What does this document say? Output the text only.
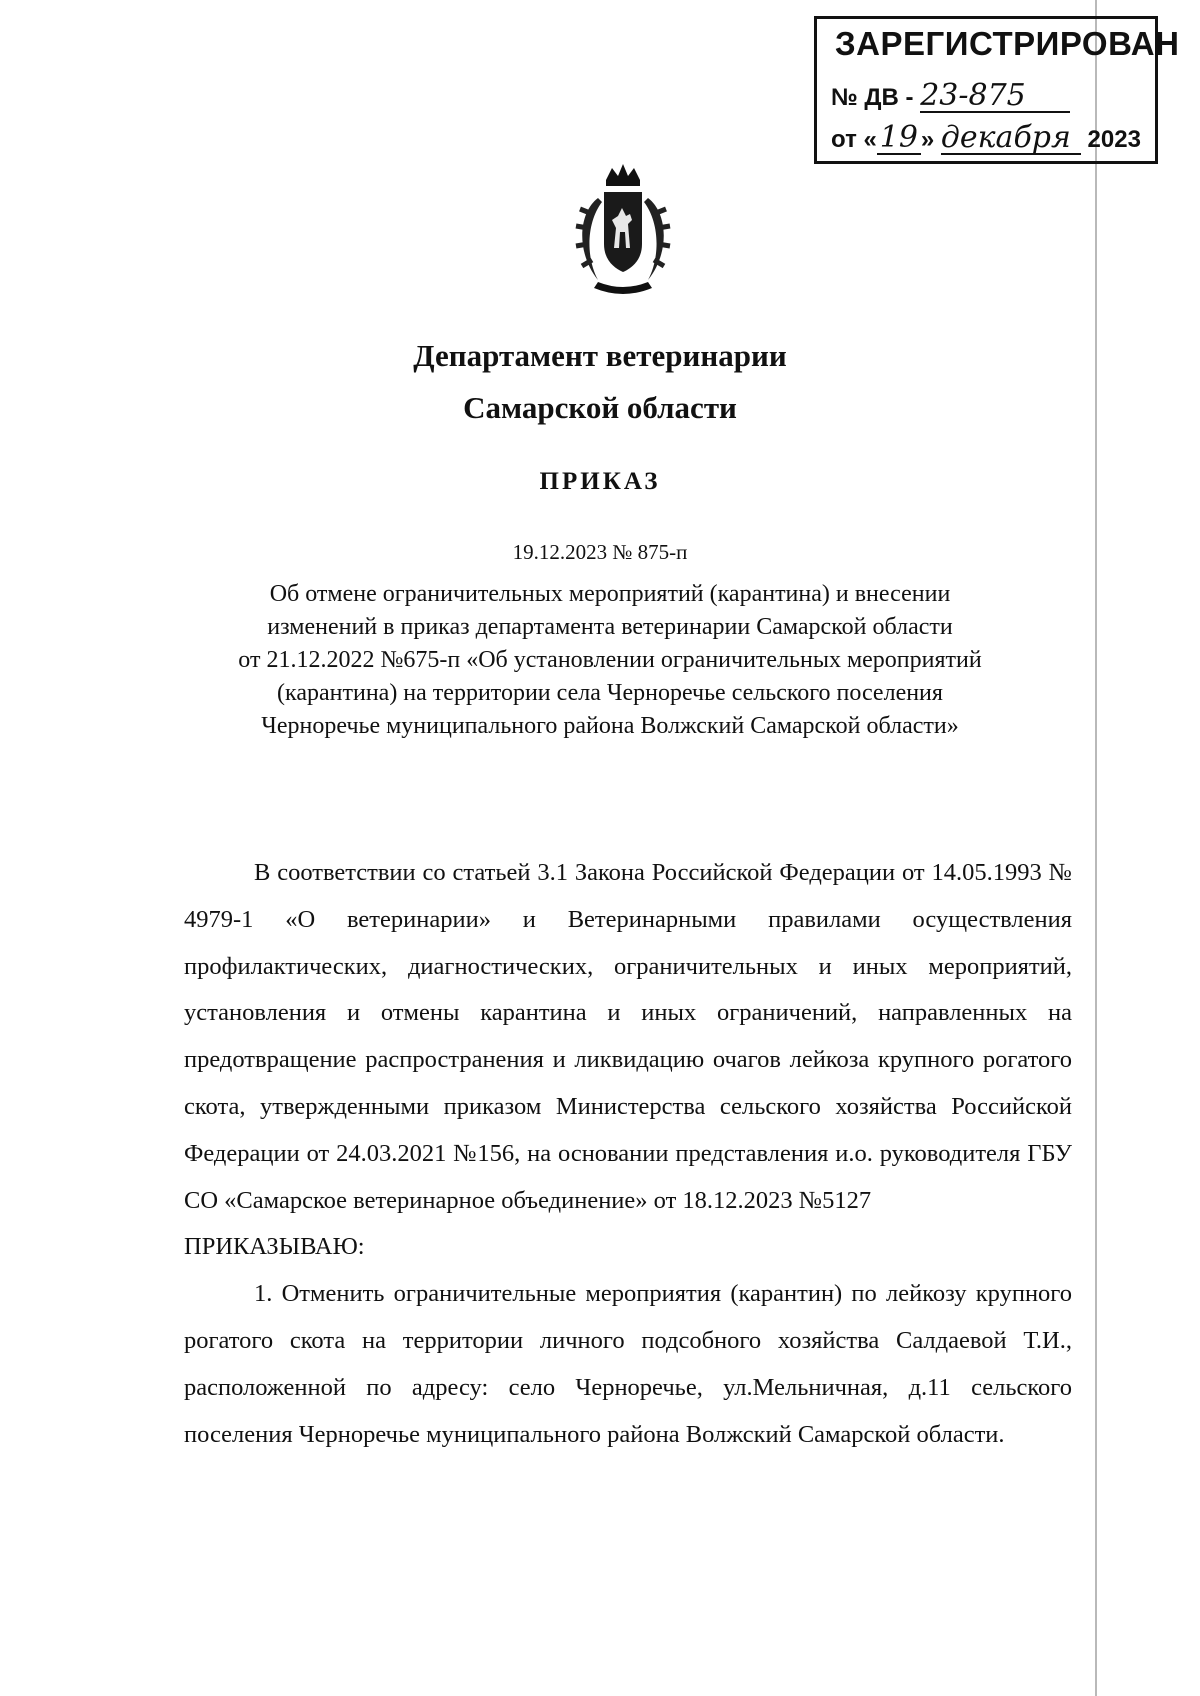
ЗАРЕГИСТРИРОВАН
№ ДВ - 23-875
от «19 » декабря 2023
Департамент ветеринарии
Самарской области
ПРИКАЗ
19.12.2023 № 875-п
Об отмене ограничительных мероприятий (карантина) и внесении
изменений в приказ департамента ветеринарии Самарской области
от 21.12.2022 №675-п «Об установлении ограничительных мероприятий
(карантина) на территории села Черноречье сельского поселения
Черноречье муниципального района Волжский Самарской области»

В соответствии со статьей 3.1 Закона Российской Федерации от 14.05.1993 № 4979-1 «О ветеринарии» и Ветеринарными правилами осуществления профилактических, диагностических, ограничительных и иных мероприятий, установления и отмены карантина и иных ограничений, направленных на предотвращение распространения и ликвидацию очагов лейкоза крупного рогатого скота, утвержденными приказом Министерства сельского хозяйства Российской Федерации от 24.03.2021 №156, на основании представления и.о. руководителя ГБУ СО «Самарское ветеринарное объединение» от 18.12.2023 №5127

ПРИКАЗЫВАЮ:

1. Отменить ограничительные мероприятия (карантин) по лейкозу крупного рогатого скота на территории личного подсобного хозяйства Салдаевой Т.И., расположенной по адресу: село Черноречье, ул.Мельничная, д.11 сельского поселения Черноречье муниципального района Волжский Самарской области.
